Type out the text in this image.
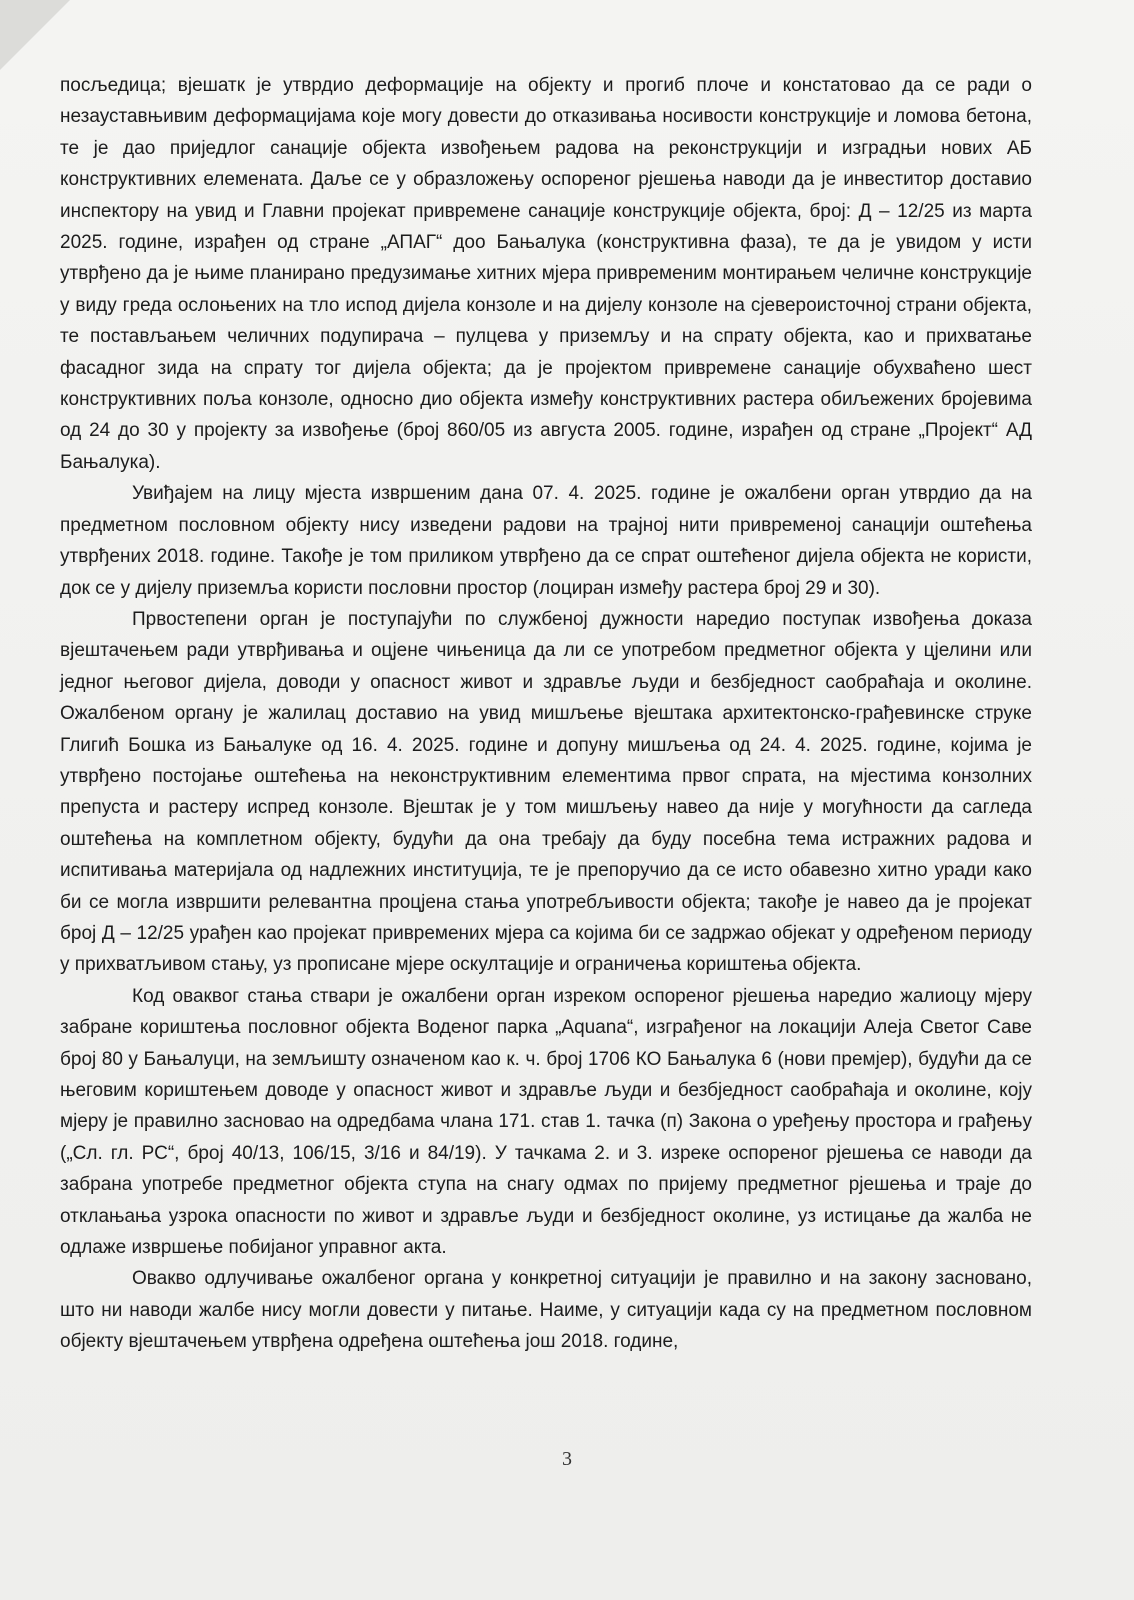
посљедица; вјешатк је утврдио деформације на објекту и прогиб плоче и констатовао да се ради о незауставњивим деформацијама које могу довести до отказивања носивости конструкције и ломова бетона, те је дао приједлог санације објекта извођењем радова на реконструкцији и изградњи нових АБ конструктивних елемената. Даље се у образложењу оспореног рјешења наводи да је инвеститор доставио инспектору на увид и Главни пројекат привремене санације конструкције објекта, број: Д – 12/25 из марта 2025. године, израђен од стране „АПАГ“ доо Бањалука (конструктивна фаза), те да је увидом у исти утврђено да је њиме планирано предузимање хитних мјера привременим монтирањем челичне конструкције у виду греда ослоњених на тло испод дијела конзоле и на дијелу конзоле на сјевероисточној страни објекта, те постављањем челичних подупирача – пулцева у приземљу и на спрату објекта, као и прихватање фасадног зида на спрату тог дијела објекта; да је пројектом привремене санације обухваћено шест конструктивних поља конзоле, односно дио објекта између конструктивних растера обиљежених бројевима од 24 до 30 у пројекту за извођење (број 860/05 из августа 2005. године, израђен од стране „Пројект“ АД Бањалука).

Увиђајем на лицу мјеста извршеним дана 07. 4. 2025. године је ожалбени орган утврдио да на предметном пословном објекту нису изведени радови на трајној нити привременој санацији оштећења утврђених 2018. године. Такође је том приликом утврђено да се спрат оштећеног дијела објекта не користи, док се у дијелу приземља користи пословни простор (лоциран између растера број 29 и 30).

Првостепени орган је поступајући по службеној дужности наредио поступак извођења доказа вјештачењем ради утврђивања и оцјене чињеница да ли се употребом предметног објекта у цјелини или једног његовог дијела, доводи у опасност живот и здравље људи и безбједност саобраћаја и околине. Ожалбеном органу је жалилац доставио на увид мишљење вјештака архитектонско-грађевинске струке Глигић Бошка из Бањалуке од 16. 4. 2025. године и допуну мишљења од 24. 4. 2025. године, којима је утврђено постојање оштећења на неконструктивним елементима првог спрата, на мјестима конзолних препуста и растеру испред конзоле. Вјештак је у том мишљењу навео да није у могућности да сагледа оштећења на комплетном објекту, будући да она требају да буду посебна тема истражних радова и испитивања материјала од надлежних институција, те је препоручио да се исто обавезно хитно уради како би се могла извршити релевантна процјена стања употребљивости објекта; такође је навео да је пројекат број Д – 12/25 урађен као пројекат привремених мјера са којима би се задржао објекат у одређеном периоду у прихватљивом стању, уз прописане мјере оскултације и ограничења кориштења објекта.

Код оваквог стања ствари је ожалбени орган изреком оспореног рјешења наредио жалиоцу мјеру забране кориштења пословног објекта Воденог парка „Aquana“, изграђеног на локацији Алеја Светог Саве број 80 у Бањалуци, на земљишту означеном као к. ч. број 1706 КО Бањалука 6 (нови премјер), будући да се његовим кориштењем доводе у опасност живот и здравље људи и безбједност саобраћаја и околине, коју мјеру је правилно засновао на одредбама члана 171. став 1. тачка (п) Закона о уређењу простора и грађењу („Сл. гл. РС“, број 40/13, 106/15, 3/16 и 84/19). У тачкама 2. и 3. изреке оспореног рјешења се наводи да забрана употребе предметног објекта ступа на снагу одмах по пријему предметног рјешења и траје до отклањања узрока опасности по живот и здравље људи и безбједност околине, уз истицање да жалба не одлаже извршење побијаног управног акта.

Овакво одлучивање ожалбеног органа у конкретној ситуацији је правилно и на закону засновано, што ни наводи жалбе нису могли довести у питање. Наиме, у ситуацији када су на предметном пословном објекту вјештачењем утврђена одређена оштећења још 2018. године,

3
